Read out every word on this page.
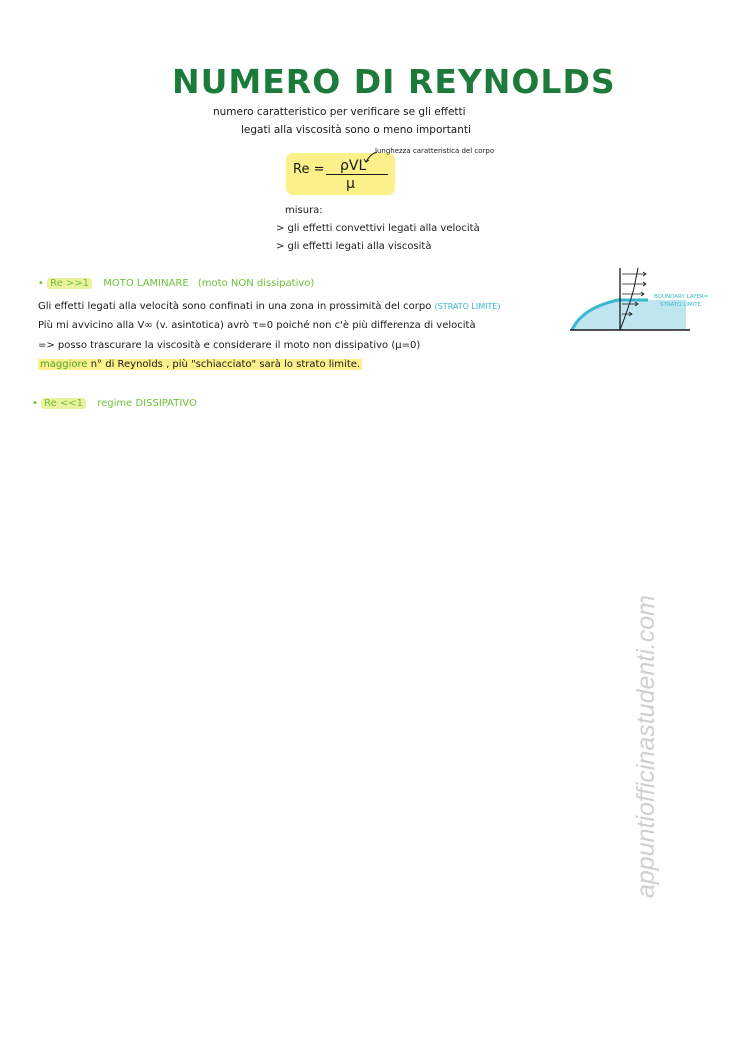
NUMERO DI REYNOLDS
numero caratteristico per verificare se gli effetti
legati alla viscosità sono o meno importanti
Re = ρVL
μ
lunghezza caratteristica del corpo
misura:
> gli effetti convettivi legati alla velocità
> gli effetti legati alla viscosità
• Re >>1 MOTO LAMINARE (moto NON dissipativo)
Gli effetti legati alla velocità sono confinati in una zona in prossimità del corpo (STRATO LIMITE)
Più mi avvicino alla V∞ (v. asintotica) avrò τ=0 poiché non c'è più differenza di velocità
=> posso trascurare la viscosità e considerare il moto non dissipativo (μ=0)
maggiore n° di Reynolds , più "schiacciato" sarà lo strato limite.
BOUNDARY LAYER=
STRATO LIMITE
• Re <<1 regime DISSIPATIVO
appuntiofficinastudenti.com
